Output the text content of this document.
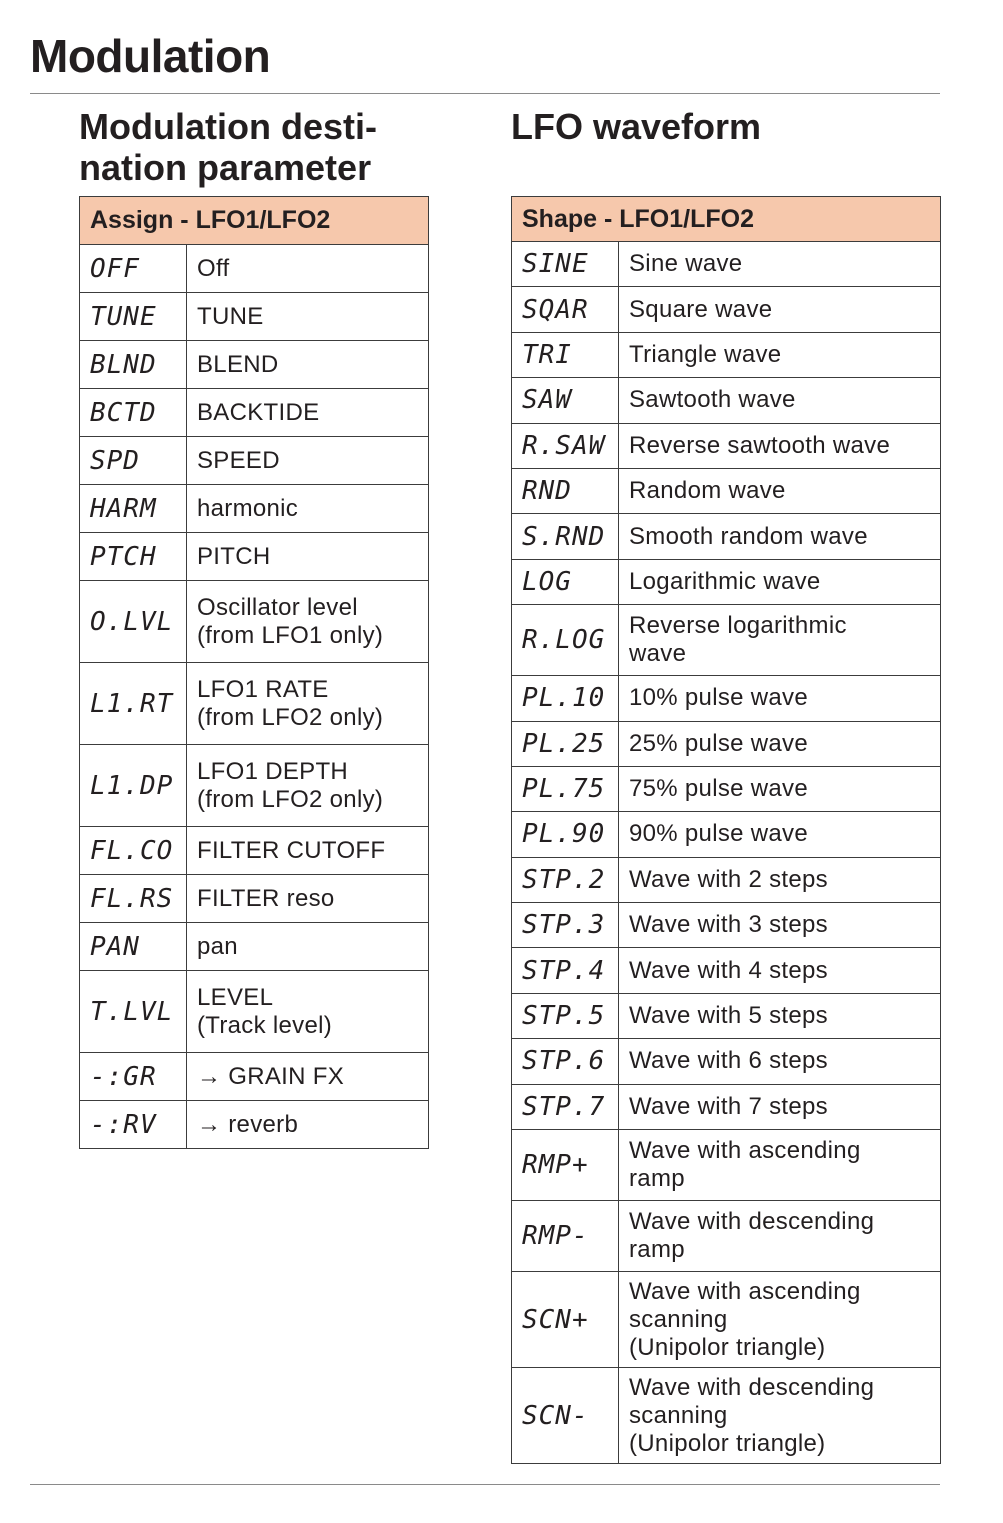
Modulation
Modulation desti-
nation parameter
LFO waveform
Assign - LFO1/LFO2	
OFF	Off
TUNE	TUNE
BLND	BLEND
BCTD	BACKTIDE
SPD	SPEED
HARM	harmonic
PTCH	PITCH
O.LVL	Oscillator level
(from LFO1 only)
L1.RT	LFO1 RATE
(from LFO2 only)
L1.DP	LFO1 DEPTH
(from LFO2 only)
FL.CO	FILTER CUTOFF
FL.RS	FILTER reso
PAN	pan
T.LVL	LEVEL
(Track level)
-:GR	→ GRAIN FX
-:RV	→ reverb
Shape - LFO1/LFO2	
SINE	Sine wave
SQAR	Square wave
TRI	Triangle wave
SAW	Sawtooth wave
R.SAW	Reverse sawtooth wave
RND	Random wave
S.RND	Smooth random wave
LOG	Logarithmic wave
R.LOG	Reverse logarithmic
wave
PL.10	10% pulse wave
PL.25	25% pulse wave
PL.75	75% pulse wave
PL.90	90% pulse wave
STP.2	Wave with 2 steps
STP.3	Wave with 3 steps
STP.4	Wave with 4 steps
STP.5	Wave with 5 steps
STP.6	Wave with 6 steps
STP.7	Wave with 7 steps
RMP+	Wave with ascending
ramp
RMP-	Wave with descending
ramp
SCN+	Wave with ascending
scanning
(Unipolor triangle)
SCN-	Wave with descending
scanning
(Unipolor triangle)
